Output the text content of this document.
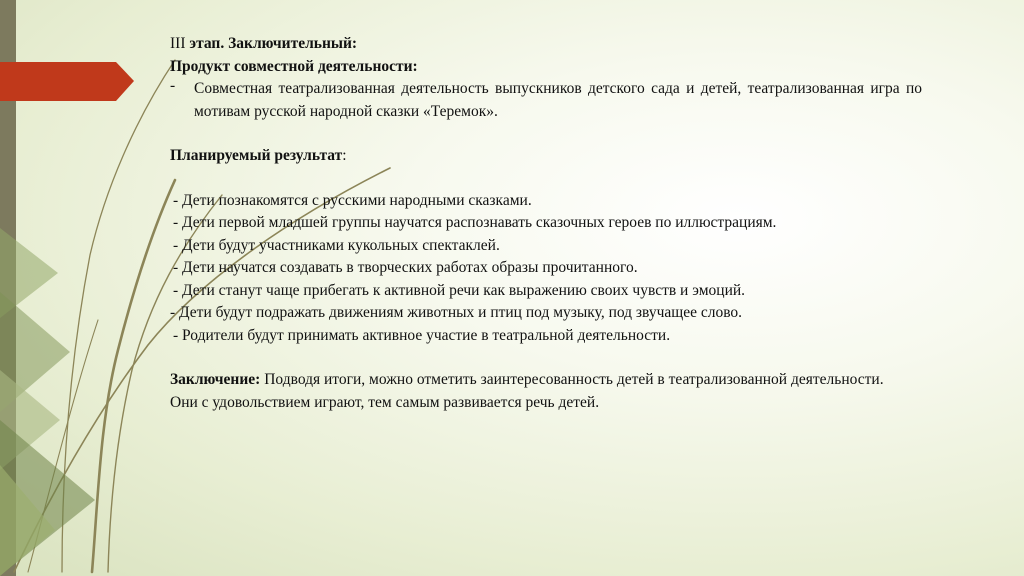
III этап. Заключительный:

Продукт совместной деятельности:

-	Совместная театрализованная деятельность выпускников детского сада и детей, театрализованная игра по мотивам русской народной сказки «Теремок».

Планируемый результат:

- Дети познакомятся с русскими народными сказками.

- Дети первой младшей группы научатся распознавать сказочных героев по иллюстрациям.

- Дети будут участниками кукольных спектаклей.

- Дети научатся создавать в творческих работах образы прочитанного.

- Дети станут чаще прибегать к активной речи как выражению своих чувств и эмоций.

- Дети будут подражать движениям животных и птиц под музыку, под звучащее слово.

- Родители будут принимать активное участие в театральной деятельности.

Заключение: Подводя итоги, можно отметить заинтересованность детей в театрализованной деятельности. Они с удовольствием играют, тем самым развивается речь детей.
